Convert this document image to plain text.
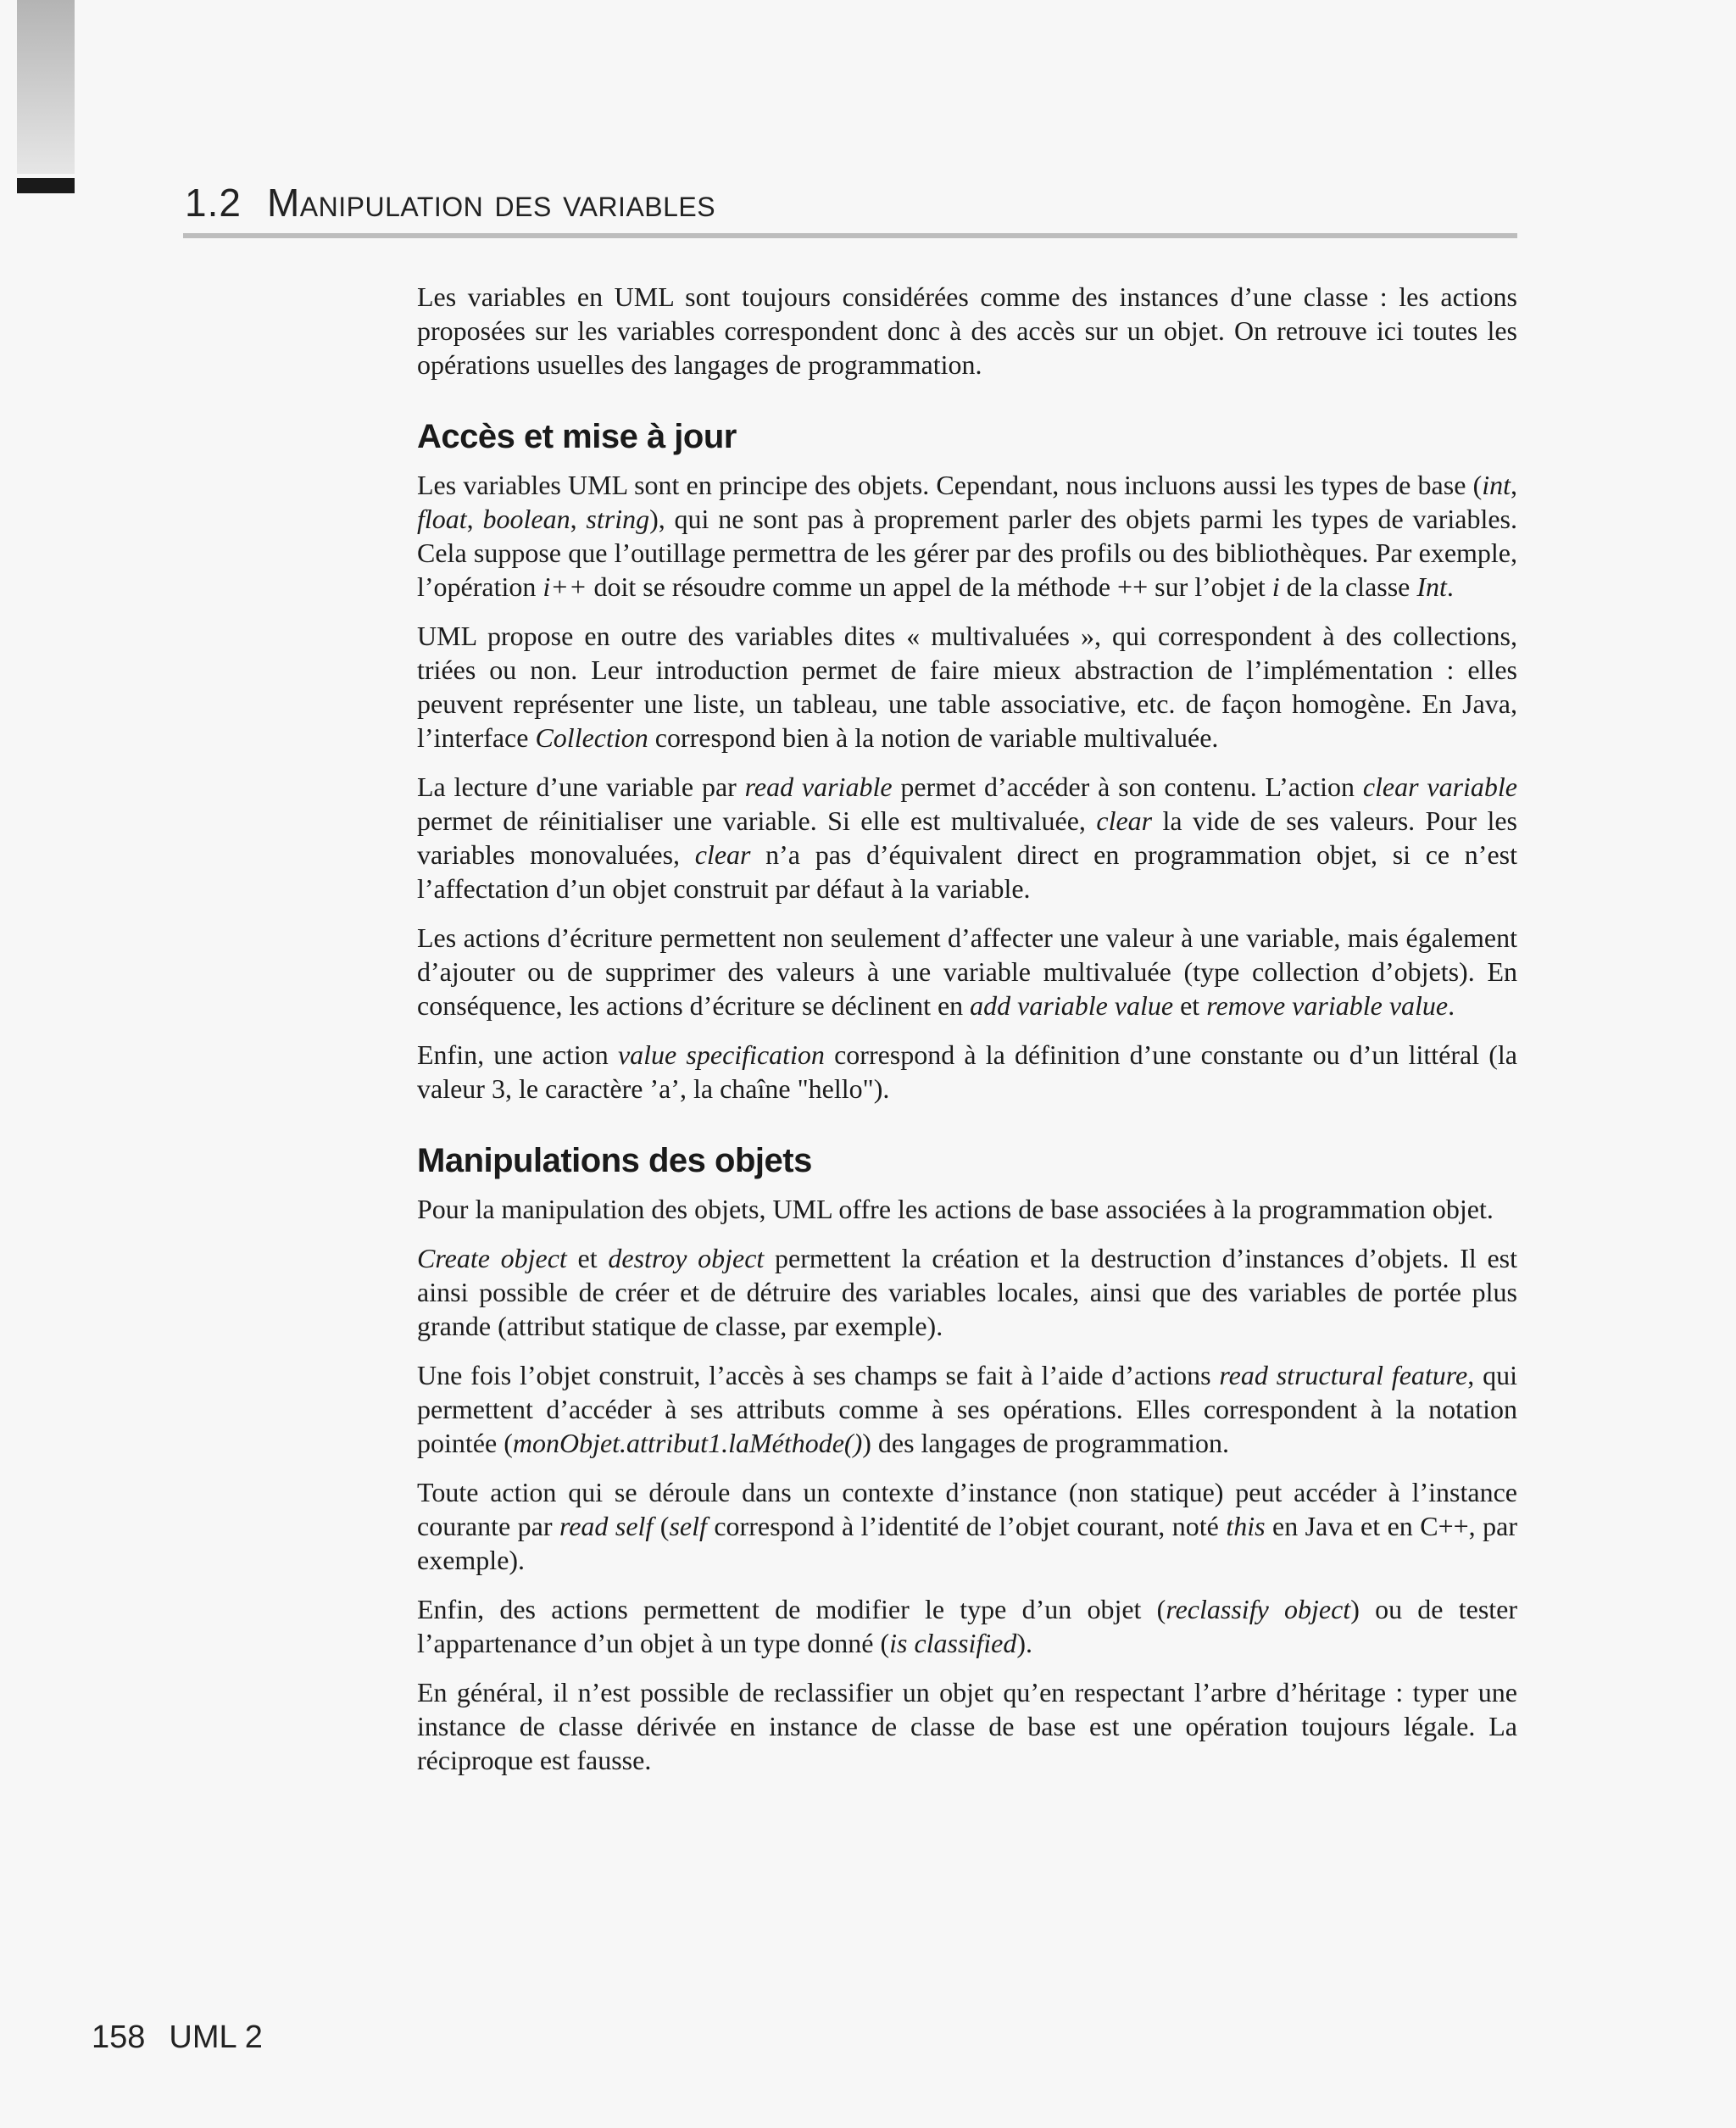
1.2 Manipulation des variables

Les variables en UML sont toujours considérées comme des instances d’une classe : les actions proposées sur les variables correspondent donc à des accès sur un objet. On retrouve ici toutes les opérations usuelles des langages de programmation.

Accès et mise à jour

Les variables UML sont en principe des objets. Cependant, nous incluons aussi les types de base (int, float, boolean, string), qui ne sont pas à proprement parler des objets parmi les types de variables. Cela suppose que l’outillage permettra de les gérer par des profils ou des bibliothèques. Par exemple, l’opération i++ doit se résoudre comme un appel de la méthode ++ sur l’objet i de la classe Int.

UML propose en outre des variables dites « multivaluées », qui correspondent à des collections, triées ou non. Leur introduction permet de faire mieux abstraction de l’implémentation : elles peuvent représenter une liste, un tableau, une table associative, etc. de façon homogène. En Java, l’interface Collection correspond bien à la notion de variable multivaluée.

La lecture d’une variable par read variable permet d’accéder à son contenu. L’action clear variable permet de réinitialiser une variable. Si elle est multivaluée, clear la vide de ses valeurs. Pour les variables monovaluées, clear n’a pas d’équivalent direct en programmation objet, si ce n’est l’affectation d’un objet construit par défaut à la variable.

Les actions d’écriture permettent non seulement d’affecter une valeur à une variable, mais également d’ajouter ou de supprimer des valeurs à une variable multivaluée (type collection d’objets). En conséquence, les actions d’écriture se déclinent en add variable value et remove variable value.

Enfin, une action value specification correspond à la définition d’une constante ou d’un littéral (la valeur 3, le caractère ’a’, la chaîne "hello").

Manipulations des objets

Pour la manipulation des objets, UML offre les actions de base associées à la programmation objet.

Create object et destroy object permettent la création et la destruction d’instances d’objets. Il est ainsi possible de créer et de détruire des variables locales, ainsi que des variables de portée plus grande (attribut statique de classe, par exemple).

Une fois l’objet construit, l’accès à ses champs se fait à l’aide d’actions read structural feature, qui permettent d’accéder à ses attributs comme à ses opérations. Elles correspondent à la notation pointée (monObjet.attribut1.laMéthode()) des langages de programmation.

Toute action qui se déroule dans un contexte d’instance (non statique) peut accéder à l’instance courante par read self (self correspond à l’identité de l’objet courant, noté this en Java et en C++, par exemple).

Enfin, des actions permettent de modifier le type d’un objet (reclassify object) ou de tester l’appartenance d’un objet à un type donné (is classified).

En général, il n’est possible de reclassifier un objet qu’en respectant l’arbre d’héritage : typer une instance de classe dérivée en instance de classe de base est une opération toujours légale. La réciproque est fausse.

158 UML 2
